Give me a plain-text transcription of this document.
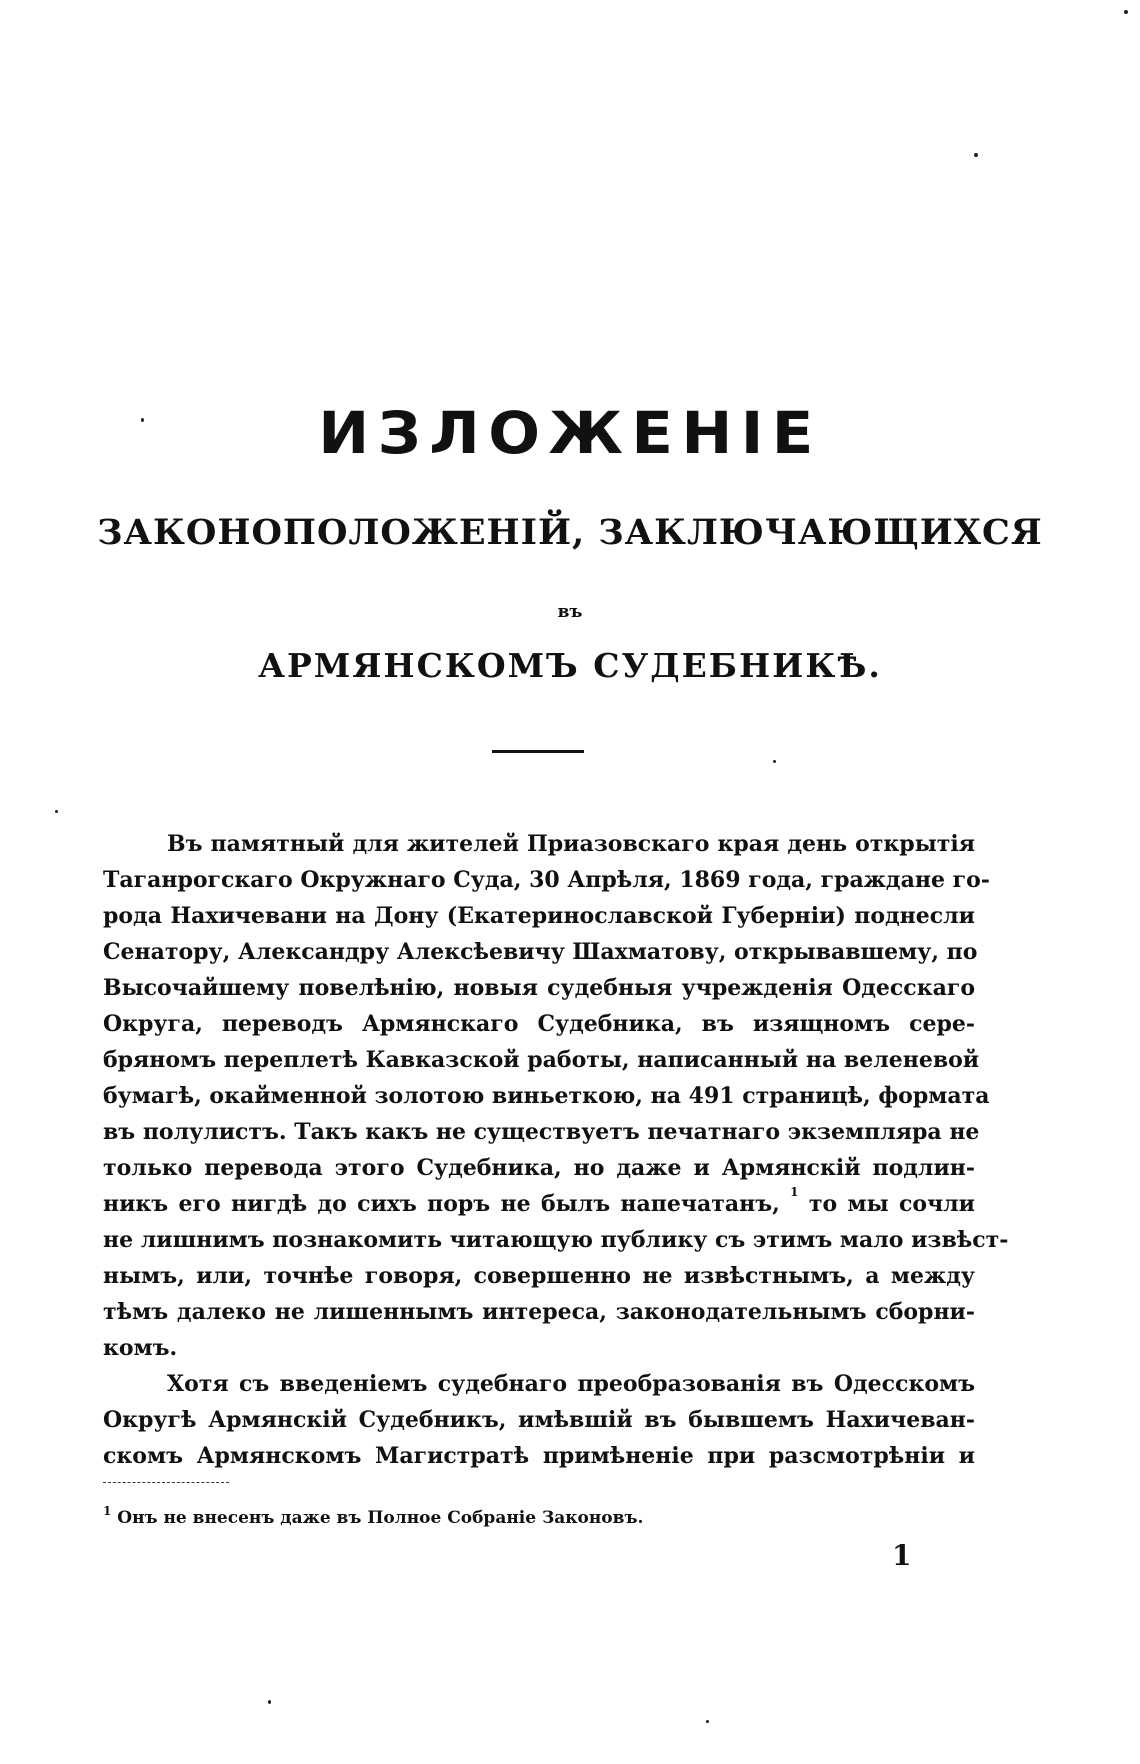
ИЗЛОЖЕНІЕ
ЗАКОНОПОЛОЖЕНІЙ, ЗАКЛЮЧАЮЩИХСЯ
въ
АРМЯНСКОМЪ СУДЕБНИКѢ.
Въ памятный для жителей Приазовскаго края день открытія
Таганрогскаго Окружнаго Суда, 30 Апрѣля, 1869 года, граждане го-
рода Нахичевани на Дону (Екатеринославской Губерніи) поднесли
Сенатору, Александру Алексѣевичу Шахматову, открывавшему, по
Высочайшему повелѣнію, новыя судебныя учрежденія Одесскаго
Округа, переводъ Армянскаго Судебника, въ изящномъ сере-
бряномъ переплетѣ Кавказской работы, написанный на веленевой
бумагѣ, окайменной золотою виньеткою, на 491 страницѣ, формата
въ полулистъ. Такъ какъ не существуетъ печатнаго экземпляра не
только перевода этого Судебника, но даже и Армянскій подлин-
никъ его нигдѣ до сихъ поръ не былъ напечатанъ, $^1$ то мы сочли
не лишнимъ познакомить читающую публику съ этимъ мало извѣст-
нымъ, или, точнѣе говоря, совершенно не извѣстнымъ, а между
тѣмъ далеко не лишеннымъ интереса, законодательнымъ сборни-
комъ.
Хотя съ введеніемъ судебнаго преобразованія въ Одесскомъ
Округѣ Армянскій Судебникъ, имѣвшій въ бывшемъ Нахичеван-
скомъ Армянскомъ Магистратѣ примѣненіе при разсмотрѣніи и
$^1$ Онъ не внесенъ даже въ Полное Собраніе Законовъ.
1
